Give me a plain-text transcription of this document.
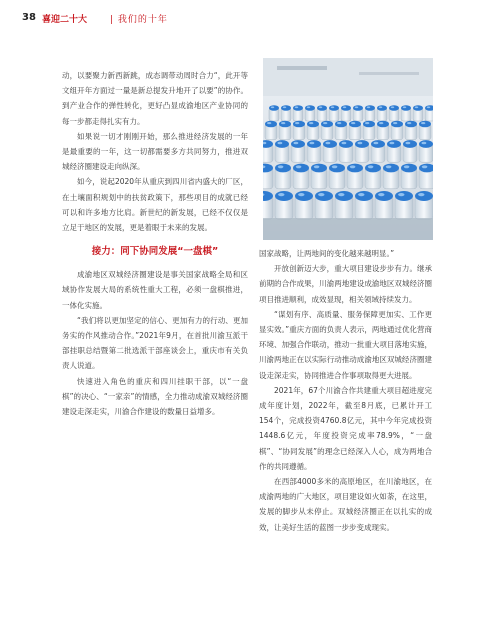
38 喜迎二十大	| 我们的十年

动，以要聚力新西新跳，成态调带动周时合力“，此开等文组开年方面过一量是新总提发升地开了以要”的协作。到产业合作的弹性转化，更好凸显成渝地区产业协同的每一步都走得扎实有力。

如果说一切才刚刚开始，那么推进经济发展的一年是最重要的一年，这一切都需要多方共同努力，推进双城经济圈建设走向纵深。

如今，说起2020年从重庆到四川省内盛大的厂区，在土壤面积规划中的扶贫政策下，那些项目的成就已经可以和许多地方比肩。新世纪的新发展，已经不仅仅是立足于地区的发展，更是着眼于未来的发展。

接力：同下协同发展“一盘棋”

成渝地区双城经济圈建设是事关国家战略全局和区域协作发展大局的系统性重大工程，必须一盘棋推进，一体化实施。

“我们将以更加坚定的信心、更加有力的行动、更加务实的作风推动合作。”2021年9月，在首批川渝互派干部挂职总结暨第二批选派干部座谈会上，重庆市有关负责人说道。

快速进入角色的重庆和四川挂职干部，以“一盘棋”的决心、“一家亲”的情感，全力推动成渝双城经济圈建设走深走实，川渝合作建设的数量日益增多。

国家战略，让两地间的变化越来越明显。”

开放创新迈大步，重大项目建设步步有力。继承前期的合作成果，川渝两地建设成渝地区双城经济圈项目推进顺利，成效显现，相关领域持续发力。

“谋划有序、高质量、服务保障更加实、工作更显实效。”重庆方面的负责人表示，两地通过优化营商环境、加强合作联动，推动一批重大项目落地实施，川渝两地正在以实际行动推动成渝地区双城经济圈建设走深走实，协同推进合作事项取得更大进展。

2021年，67个川渝合作共建重大项目超进度完成年度计划，2022年，截至8月底，已累计开工154个，完成投资4760.8亿元，其中今年完成投资1448.6亿元，年度投资完成率78.9%，“一盘棋”、“协同发展”的理念已经深入人心，成为两地合作的共同遵循。

在西部4000多米的高原地区，在川渝地区，在成渝两地的广大地区，项目建设如火如荼，在这里，发展的脚步从未停止。双城经济圈正在以扎实的成效，让美好生活的蓝图一步步变成现实。
